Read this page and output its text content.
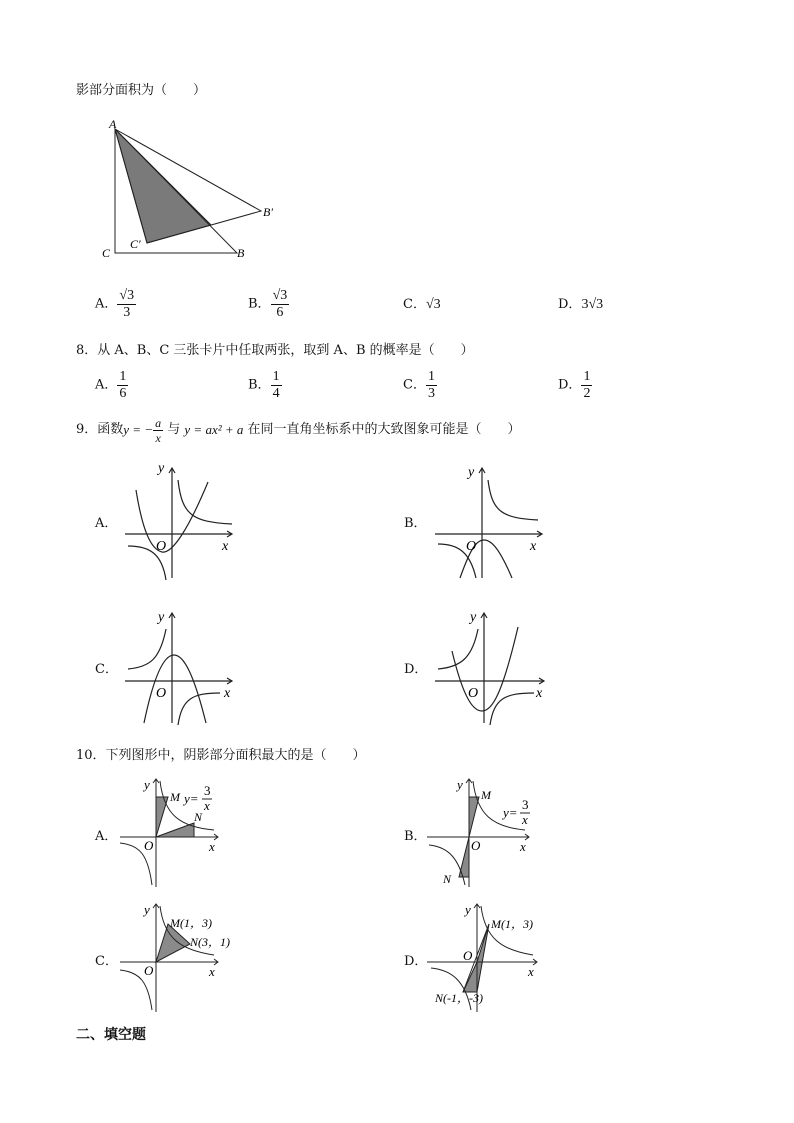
影部分面积为（　　）
A
C	B
B′
C′
A． $\frac{√3}{3}$	B． $\frac{√3}{6}$	C．√3	D．3√3
8．从 A、B、C 三张卡片中任取两张，取到 A、B 的概率是（　　）
A． $\frac{1}{6}$	B． $\frac{1}{4}$	C． $\frac{1}{3}$	D． $\frac{1}{2}$
9．函数y = − $\frac{a}{x}$ 与 y = ax² + a 在同一直角坐标系中的大致图象可能是（　　）
A．
y
x
O
B．
y
x
O
C．
y
x
O
D．
y
x
O
10．下列图形中，阴影部分面积最大的是（　　）
A．
y
x
O
M
N
y=
3
x
B．
y
x
O
M
N
y=
3
x
C．
y
x
O
M(1，3)
N(3，1)
D．
y
x
O
M(1，3)
N(-1，-3)
二、填空题
